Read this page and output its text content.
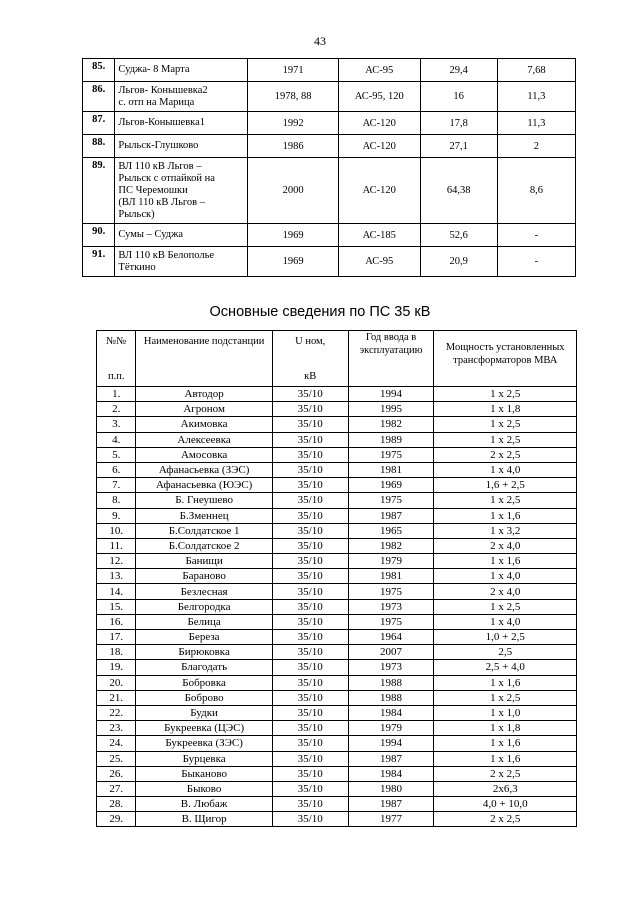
43
85.	Суджа- 8 Марта	1971	АС-95	29,4	7,68
86.	Льгов- Конышевка2
с. отп на Марица	1978, 88	АС-95, 120	16	11,3
87.	Льгов-Конышевка1	1992	АС-120	17,8	11,3
88.	Рыльск-Глушково	1986	АС-120	27,1	2
89.	ВЛ 110 кВ Льгов –
Рыльск с отпайкой на
ПС Черемошки
(ВЛ 110 кВ Льгов –
Рыльск)	2000	АС-120	64,38	8,6
90.	Сумы – Суджа	1969	АС-185	52,6	-
91.	ВЛ 110 кВ Белополье
Тёткино	1969	АС-95	20,9	-
Основные сведения по ПС 35 кВ
№№
п.п.	Наименование подстанции	U ном,
кВ	Год ввода в эксплуатацию	Мощность установленных трансформаторов МВА

1.	Автодор	35/10	1994	1 x 2,5
2.	Агроном	35/10	1995	1 x 1,8
3.	Акимовка	35/10	1982	1 x 2,5
4.	Алексеевка	35/10	1989	1 x 2,5
5.	Амосовка	35/10	1975	2 x 2,5
6.	Афанасьевка (ЗЭС)	35/10	1981	1 x 4,0
7.	Афанасьевка (ЮЭС)	35/10	1969	1,6 + 2,5
8.	Б. Гнеушево	35/10	1975	1 x 2,5
9.	Б.Зменнец	35/10	1987	1 x 1,6
10.	Б.Солдатское 1	35/10	1965	1 x 3,2
11.	Б.Солдатское 2	35/10	1982	2 x 4,0
12.	Банищи	35/10	1979	1 x 1,6
13.	Бараново	35/10	1981	1 x 4,0
14.	Безлесная	35/10	1975	2 x 4,0
15.	Белгородка	35/10	1973	1 x 2,5
16.	Белица	35/10	1975	1 x 4,0
17.	Береза	35/10	1964	1,0 + 2,5
18.	Бирюковка	35/10	2007	2,5
19.	Благодать	35/10	1973	2,5 + 4,0
20.	Бобровка	35/10	1988	1 x 1,6
21.	Боброво	35/10	1988	1 x 2,5
22.	Будки	35/10	1984	1 x 1,0
23.	Букреевка (ЦЭС)	35/10	1979	1 x 1,8
24.	Букреевка (ЗЭС)	35/10	1994	1 x 1,6
25.	Бурцевка	35/10	1987	1 x 1,6
26.	Быканово	35/10	1984	2 x 2,5
27.	Быково	35/10	1980	2x6,3
28.	В. Любаж	35/10	1987	4,0 + 10,0
29.	В. Щигор	35/10	1977	2 x 2,5
